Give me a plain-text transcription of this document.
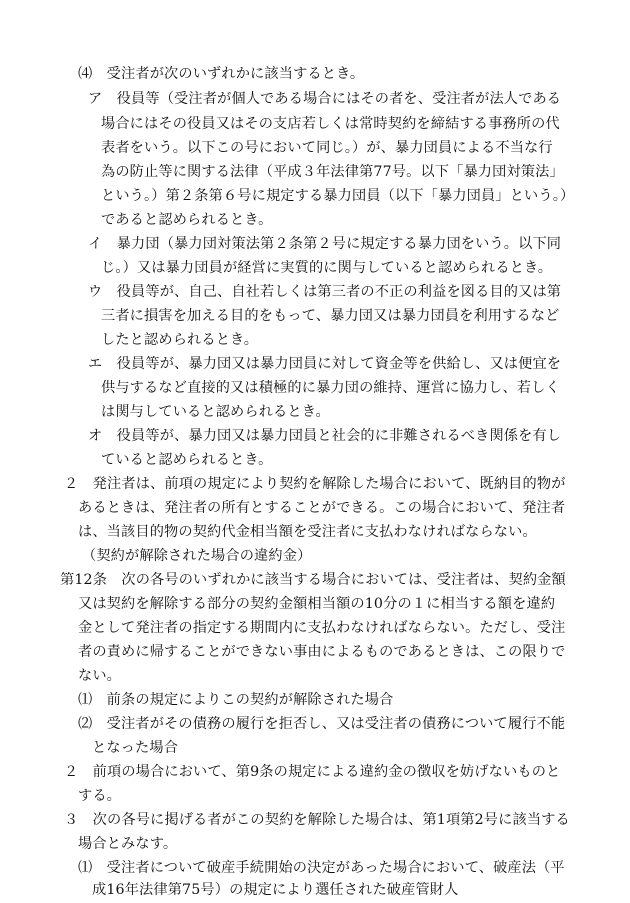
⑷　受注者が次のいずれかに該当するとき。
ア　役員等（受注者が個人である場合にはその者を、受注者が法人である
場合にはその役員又はその支店若しくは常時契約を締結する事務所の代
表者をいう。以下この号において同じ。）が、暴力団員による不当な行
為の防止等に関する法律（平成３年法律第77号。以下「暴力団対策法」
という。）第２条第６号に規定する暴力団員（以下「暴力団員」という。）
であると認められるとき。
イ　暴力団（暴力団対策法第２条第２号に規定する暴力団をいう。以下同
じ。）又は暴力団員が経営に実質的に関与していると認められるとき。
ウ　役員等が、自己、自社若しくは第三者の不正の利益を図る目的又は第
三者に損害を加える目的をもって、暴力団又は暴力団員を利用するなど
したと認められるとき。
エ　役員等が、暴力団又は暴力団員に対して資金等を供給し、又は便宜を
供与するなど直接的又は積極的に暴力団の維持、運営に協力し、若しく
は関与していると認められるとき。
オ　役員等が、暴力団又は暴力団員と社会的に非難されるべき関係を有し
ていると認められるとき。
２　発注者は、前項の規定により契約を解除した場合において、既納目的物が
あるときは、発注者の所有とすることができる。この場合において、発注者
は、当該目的物の契約代金相当額を受注者に支払わなければならない。
（契約が解除された場合の違約金）
第12条　次の各号のいずれかに該当する場合においては、受注者は、契約金額
又は契約を解除する部分の契約金額相当額の10分の１に相当する額を違約
金として発注者の指定する期間内に支払わなければならない。ただし、受注
者の責めに帰することができない事由によるものであるときは、この限りで
ない。
⑴　前条の規定によりこの契約が解除された場合
⑵　受注者がその債務の履行を拒否し、又は受注者の債務について履行不能
となった場合
２　前項の場合において、第9条の規定による違約金の徴収を妨げないものと
する。
３　次の各号に掲げる者がこの契約を解除した場合は、第1項第2号に該当する
場合とみなす。
⑴　受注者について破産手続開始の決定があった場合において、破産法（平
成16年法律第75号）の規定により選任された破産管財人
